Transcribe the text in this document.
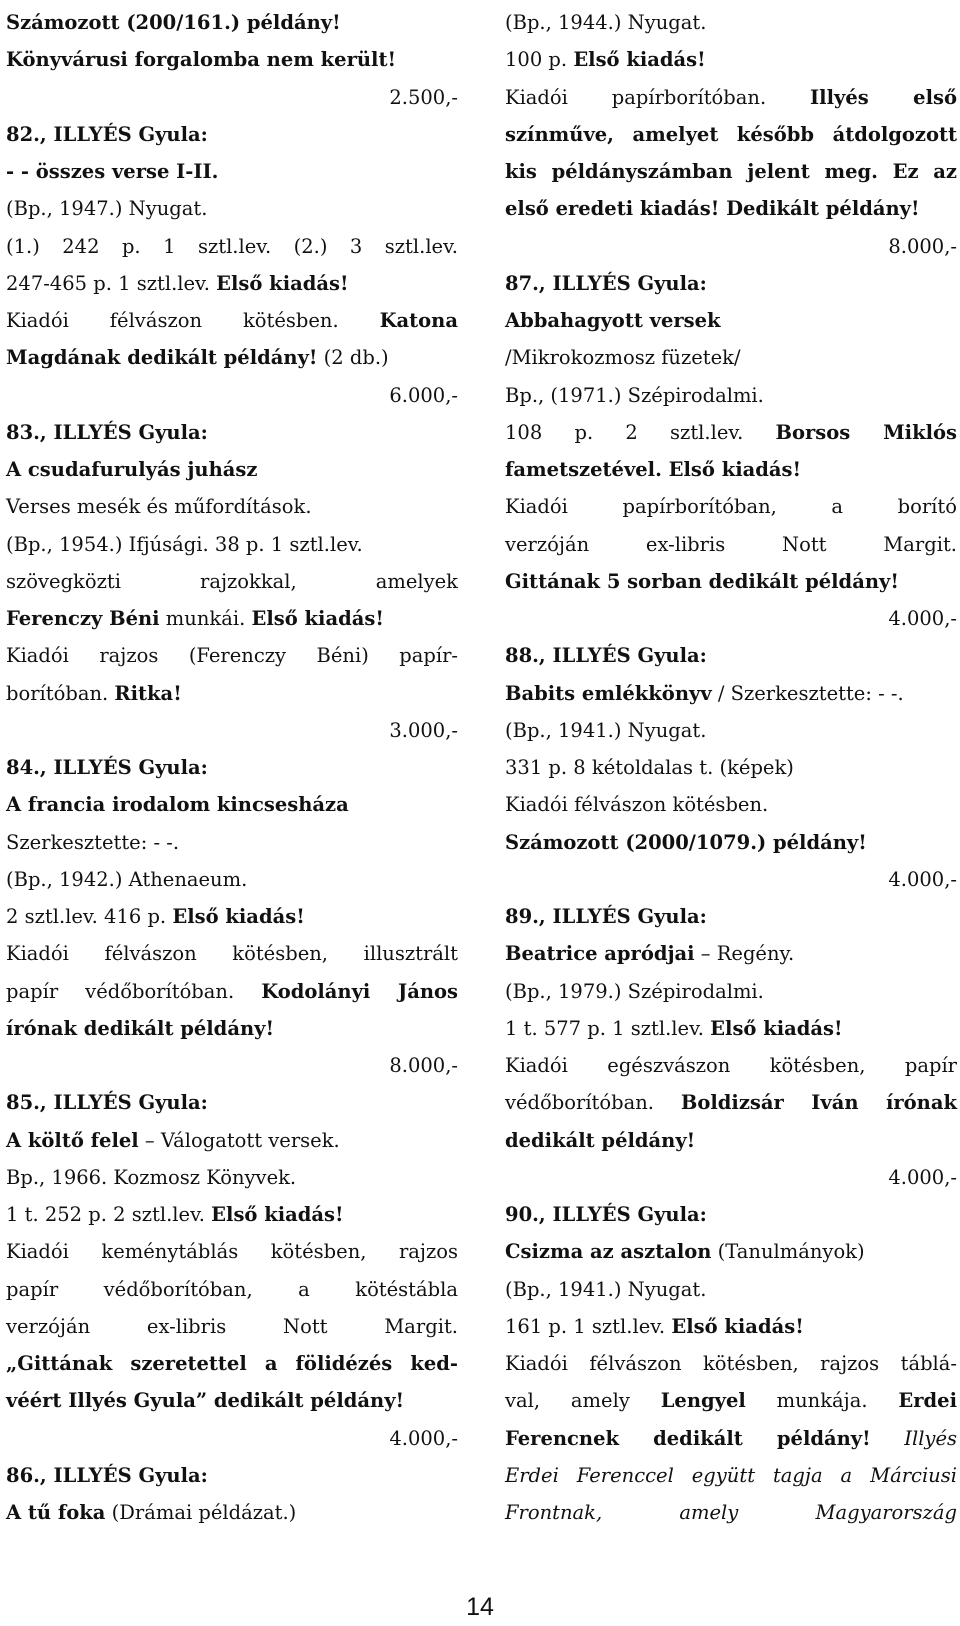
Számozott (200/161.) példány!
Könyvárusi forgalomba nem került!
2.500,-
82., ILLYÉS Gyula:
- - összes verse I-II.
(Bp., 1947.) Nyugat.
(1.) 242 p. 1 sztl.lev. (2.) 3 sztl.lev.
247-465 p. 1 sztl.lev. Első kiadás!
Kiadói félvászon kötésben. Katona
Magdának dedikált példány! (2 db.)
6.000,-
83., ILLYÉS Gyula:
A csudafurulyás juhász
Verses mesék és műfordítások.
(Bp., 1954.) Ifjúsági. 38 p. 1 sztl.lev.
szövegközti rajzokkal, amelyek
Ferenczy Béni munkái. Első kiadás!
Kiadói rajzos (Ferenczy Béni) papír-
borítóban. Ritka!
3.000,-
84., ILLYÉS Gyula:
A francia irodalom kincsesháza
Szerkesztette: - -.
(Bp., 1942.) Athenaeum.
2 sztl.lev. 416 p. Első kiadás!
Kiadói félvászon kötésben, illusztrált
papír védőborítóban. Kodolányi János
írónak dedikált példány!
8.000,-
85., ILLYÉS Gyula:
A költő felel – Válogatott versek.
Bp., 1966. Kozmosz Könyvek.
1 t. 252 p. 2 sztl.lev. Első kiadás!
Kiadói keménytáblás kötésben, rajzos
papír védőborítóban, a kötéstábla
verzóján ex-libris Nott Margit.
„Gittának szeretettel a fölidézés ked-
véért Illyés Gyula” dedikált példány!
4.000,-
86., ILLYÉS Gyula:
A tű foka (Drámai példázat.)
(Bp., 1944.) Nyugat.
100 p. Első kiadás!
Kiadói papírborítóban. Illyés első
színműve, amelyet később átdolgozott
kis példányszámban jelent meg. Ez az
első eredeti kiadás! Dedikált példány!
8.000,-
87., ILLYÉS Gyula:
Abbahagyott versek
/Mikrokozmosz füzetek/
Bp., (1971.) Szépirodalmi.
108 p. 2 sztl.lev. Borsos Miklós
fametszetével. Első kiadás!
Kiadói papírborítóban, a borító
verzóján ex-libris Nott Margit.
Gittának 5 sorban dedikált példány!
4.000,-
88., ILLYÉS Gyula:
Babits emlékkönyv / Szerkesztette: - -.
(Bp., 1941.) Nyugat.
331 p. 8 kétoldalas t. (képek)
Kiadói félvászon kötésben.
Számozott (2000/1079.) példány!
4.000,-
89., ILLYÉS Gyula:
Beatrice apródjai – Regény.
(Bp., 1979.) Szépirodalmi.
1 t. 577 p. 1 sztl.lev. Első kiadás!
Kiadói egészvászon kötésben, papír
védőborítóban. Boldizsár Iván írónak
dedikált példány!
4.000,-
90., ILLYÉS Gyula:
Csizma az asztalon (Tanulmányok)
(Bp., 1941.) Nyugat.
161 p. 1 sztl.lev. Első kiadás!
Kiadói félvászon kötésben, rajzos táblá-
val, amely Lengyel munkája. Erdei
Ferencnek dedikált példány! Illyés
Erdei Ferenccel együtt tagja a Márciusi
Frontnak, amely Magyarország
14
